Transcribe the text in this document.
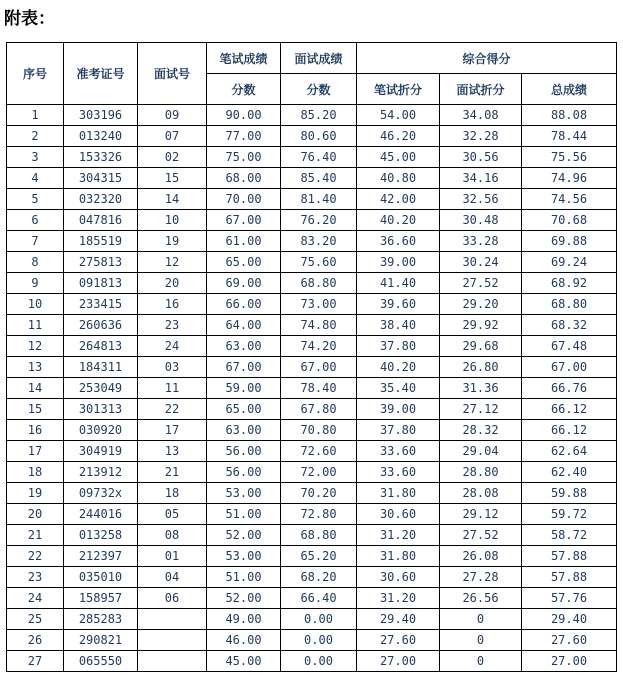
附表：
序号	准考证号	面试号	笔试成绩	面试成绩	综合得分		
			分数	分数	笔试折分	面试折分	总成绩
1	303196	09	90.00	85.20	54.00	34.08	88.08
2	013240	07	77.00	80.60	46.20	32.28	78.44
3	153326	02	75.00	76.40	45.00	30.56	75.56
4	304315	15	68.00	85.40	40.80	34.16	74.96
5	032320	14	70.00	81.40	42.00	32.56	74.56
6	047816	10	67.00	76.20	40.20	30.48	70.68
7	185519	19	61.00	83.20	36.60	33.28	69.88
8	275813	12	65.00	75.60	39.00	30.24	69.24
9	091813	20	69.00	68.80	41.40	27.52	68.92
10	233415	16	66.00	73.00	39.60	29.20	68.80
11	260636	23	64.00	74.80	38.40	29.92	68.32
12	264813	24	63.00	74.20	37.80	29.68	67.48
13	184311	03	67.00	67.00	40.20	26.80	67.00
14	253049	11	59.00	78.40	35.40	31.36	66.76
15	301313	22	65.00	67.80	39.00	27.12	66.12
16	030920	17	63.00	70.80	37.80	28.32	66.12
17	304919	13	56.00	72.60	33.60	29.04	62.64
18	213912	21	56.00	72.00	33.60	28.80	62.40
19	09732x	18	53.00	70.20	31.80	28.08	59.88
20	244016	05	51.00	72.80	30.60	29.12	59.72
21	013258	08	52.00	68.80	31.20	27.52	58.72
22	212397	01	53.00	65.20	31.80	26.08	57.88
23	035010	04	51.00	68.20	30.60	27.28	57.88
24	158957	06	52.00	66.40	31.20	26.56	57.76
25	285283		49.00	0.00	29.40	0	29.40
26	290821		46.00	0.00	27.60	0	27.60
27	065550		45.00	0.00	27.00	0	27.00
